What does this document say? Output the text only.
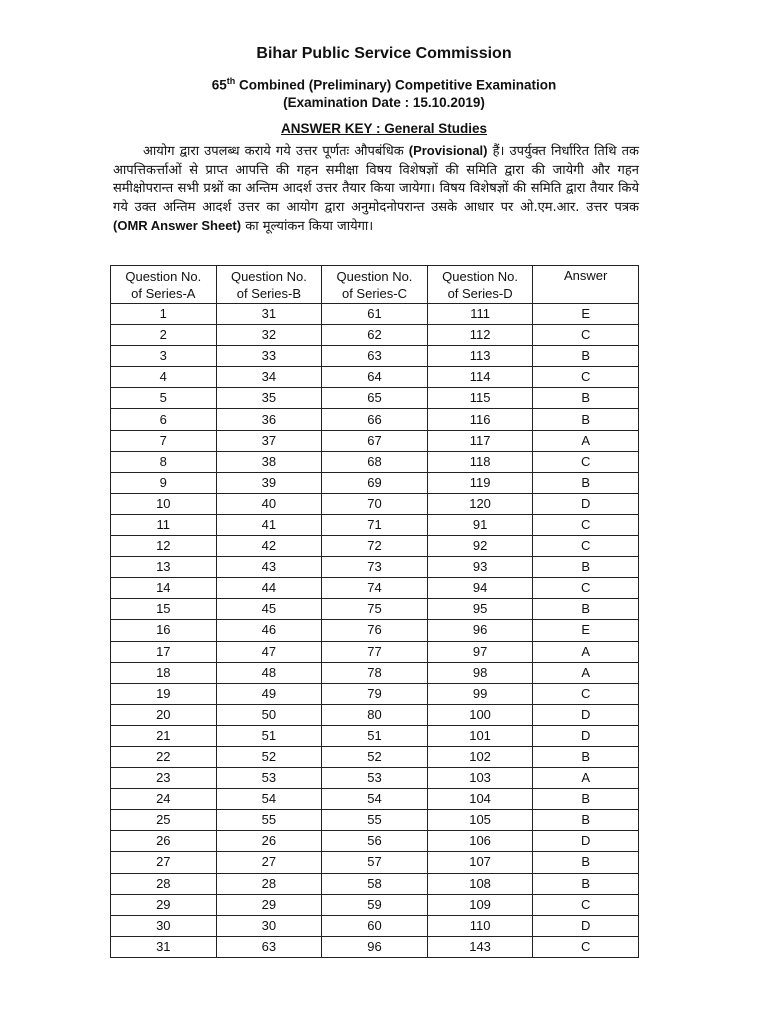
Bihar Public Service Commission
65th Combined (Preliminary) Competitive Examination
(Examination Date : 15.10.2019)
ANSWER KEY : General Studies
आयोग द्वारा उपलब्ध कराये गये उत्तर पूर्णतः औपबंधिक (Provisional) हैं। उपर्युक्त निर्धारित तिथि तक आपत्तिकर्त्ताओं से प्राप्त आपत्ति की गहन समीक्षा विषय विशेषज्ञों की समिति द्वारा की जायेगी और गहन समीक्षोपरान्त सभी प्रश्नों का अन्तिम आदर्श उत्तर तैयार किया जायेगा। विषय विशेषज्ञों की समिति द्वारा तैयार किये गये उक्त अन्तिम आदर्श उत्तर का आयोग द्वारा अनुमोदनोपरान्त उसके आधार पर ओ.एम.आर. उत्तर पत्रक (OMR Answer Sheet) का मूल्यांकन किया जायेगा।
Question No.
of Series-A	Question No.
of Series-B	Question No.
of Series-C	Question No.
of Series-D	Answer
1	31	61	111	E
2	32	62	112	C
3	33	63	113	B
4	34	64	114	C
5	35	65	115	B
6	36	66	116	B
7	37	67	117	A
8	38	68	118	C
9	39	69	119	B
10	40	70	120	D
11	41	71	91	C
12	42	72	92	C
13	43	73	93	B
14	44	74	94	C
15	45	75	95	B
16	46	76	96	E
17	47	77	97	A
18	48	78	98	A
19	49	79	99	C
20	50	80	100	D
21	51	51	101	D
22	52	52	102	B
23	53	53	103	A
24	54	54	104	B
25	55	55	105	B
26	26	56	106	D
27	27	57	107	B
28	28	58	108	B
29	29	59	109	C
30	30	60	110	D
31	63	96	143	C
